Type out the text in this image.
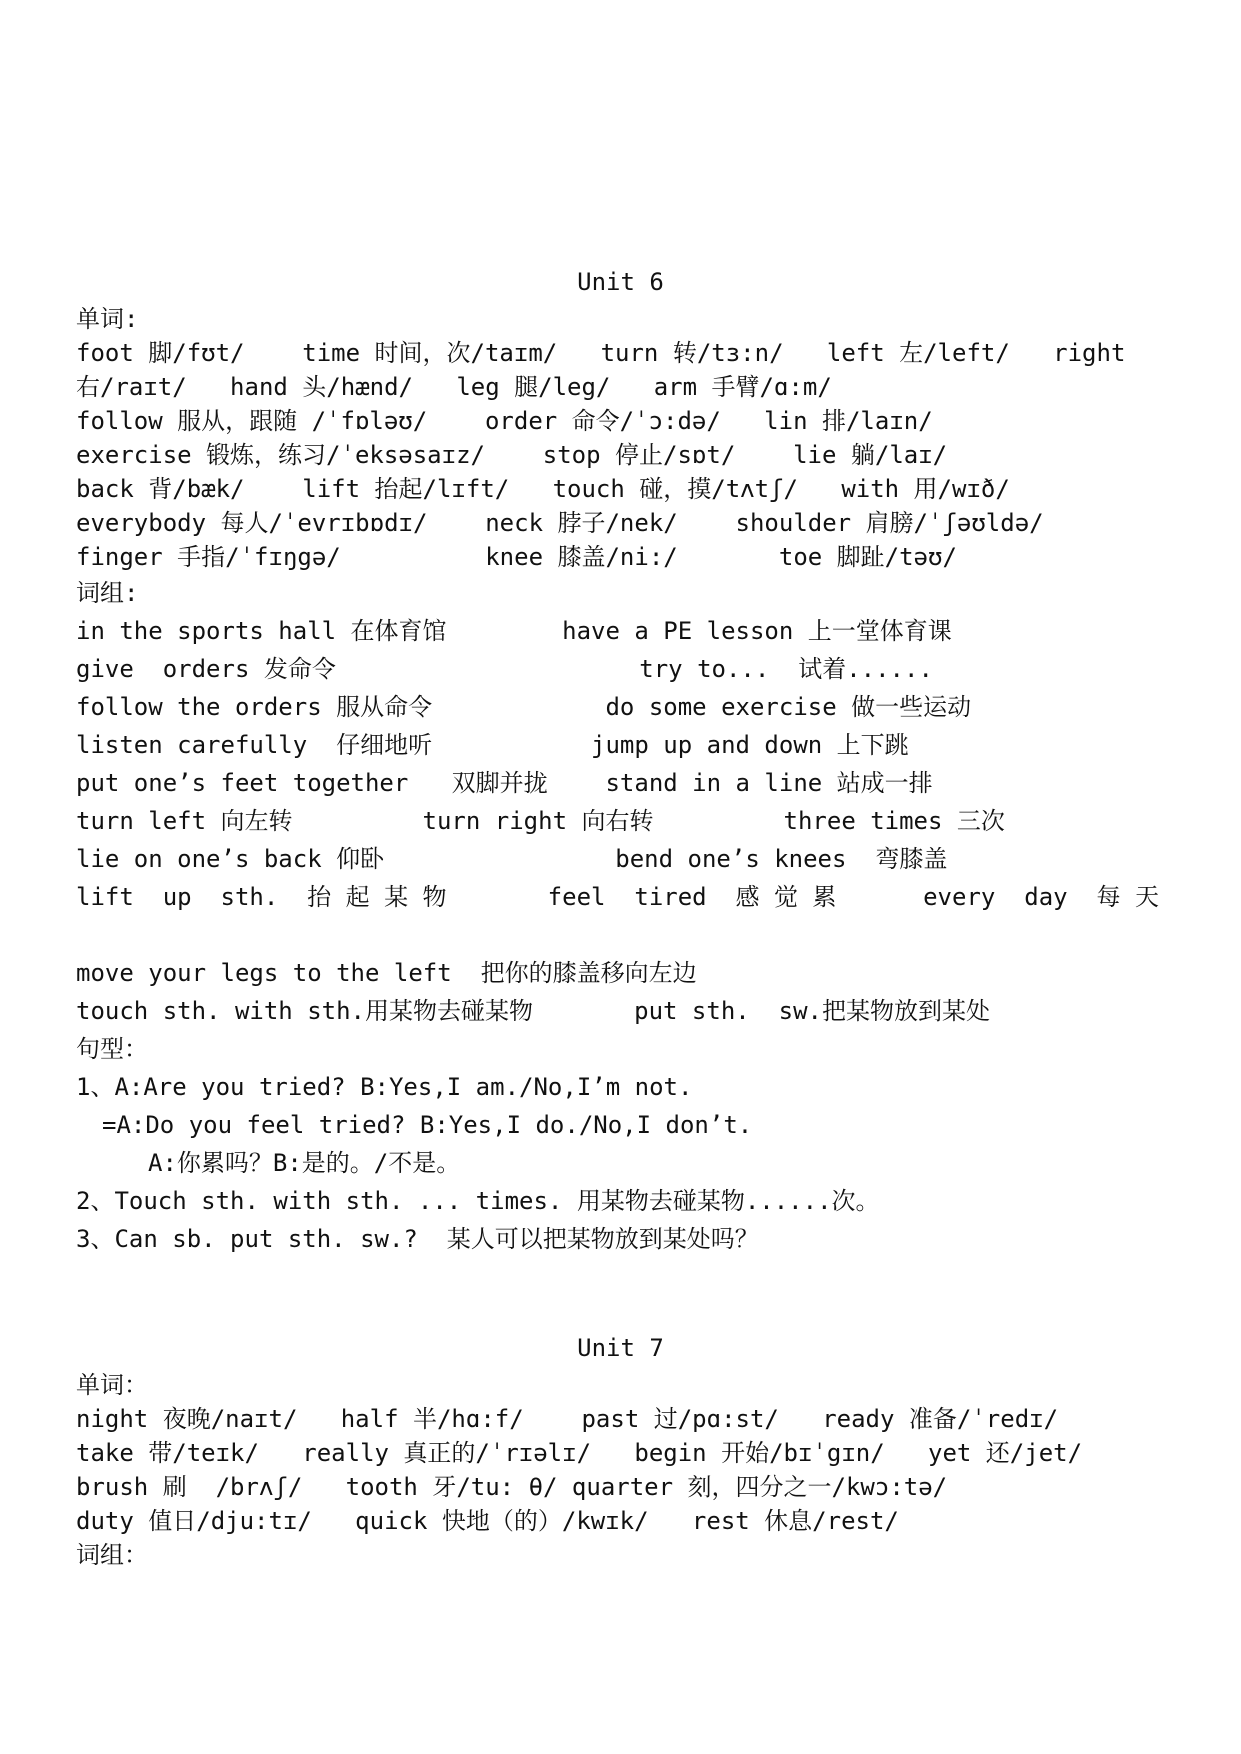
Unit 6
单词:
foot 脚/fʊt/    time 时间，次/taɪm/   turn 转/tɜ:n/   left 左/left/   right
右/raɪt/   hand 头/hænd/   leg 腿/leg/   arm 手臂/ɑ:m/
follow 服从，跟随 /ˈfɒləʊ/    order 命令/ˈɔ:də/   lin 排/laɪn/
exercise 锻炼，练习/ˈeksəsaɪz/    stop 停止/sɒt/    lie 躺/laɪ/
back 背/bæk/    lift 抬起/lɪft/   touch 碰，摸/tʌtʃ/   with 用/wɪð/
everybody 每人/ˈevrɪbɒdɪ/    neck 脖子/nek/    shoulder 肩膀/ˈʃəʊldə/
finger 手指/ˈfɪŋgə/          knee 膝盖/ni:/       toe 脚趾/təʊ/
词组:
in the sports hall 在体育馆        have a PE lesson 上一堂体育课
give  orders 发命令                     try to...  试着......
follow the orders 服从命令            do some exercise 做一些运动
listen carefully  仔细地听           jump up and down 上下跳
put one’s feet together   双脚并拢    stand in a line 站成一排
turn left 向左转         turn right 向右转         three times 三次
lie on one’s back 仰卧                bend one’s knees  弯膝盖
lift  up  sth.  抬 起 某 物       feel  tired  感 觉 累      every  day  每 天
move your legs to the left  把你的膝盖移向左边
touch sth. with sth.用某物去碰某物       put sth.  sw.把某物放到某处
句型：
1、A:Are you tried? B:Yes,I am./No,I’m not.
=A:Do you feel tried? B:Yes,I do./No,I don’t.
A:你累吗？B:是的。/不是。
2、Touch sth. with sth. ... times. 用某物去碰某物......次。
3、Can sb. put sth. sw.?  某人可以把某物放到某处吗？
Unit 7
单词：
night 夜晚/naɪt/   half 半/hɑ:f/    past 过/pɑ:st/   ready 准备/ˈredɪ/
take 带/teɪk/   really 真正的/ˈrɪəlɪ/   begin 开始/bɪˈgɪn/   yet 还/jet/
brush 刷  /brʌʃ/   tooth 牙/tu: θ/ quarter 刻，四分之一/kwɔ:tə/
duty 值日/dju:tɪ/   quick 快地（的）/kwɪk/   rest 休息/rest/
词组：
